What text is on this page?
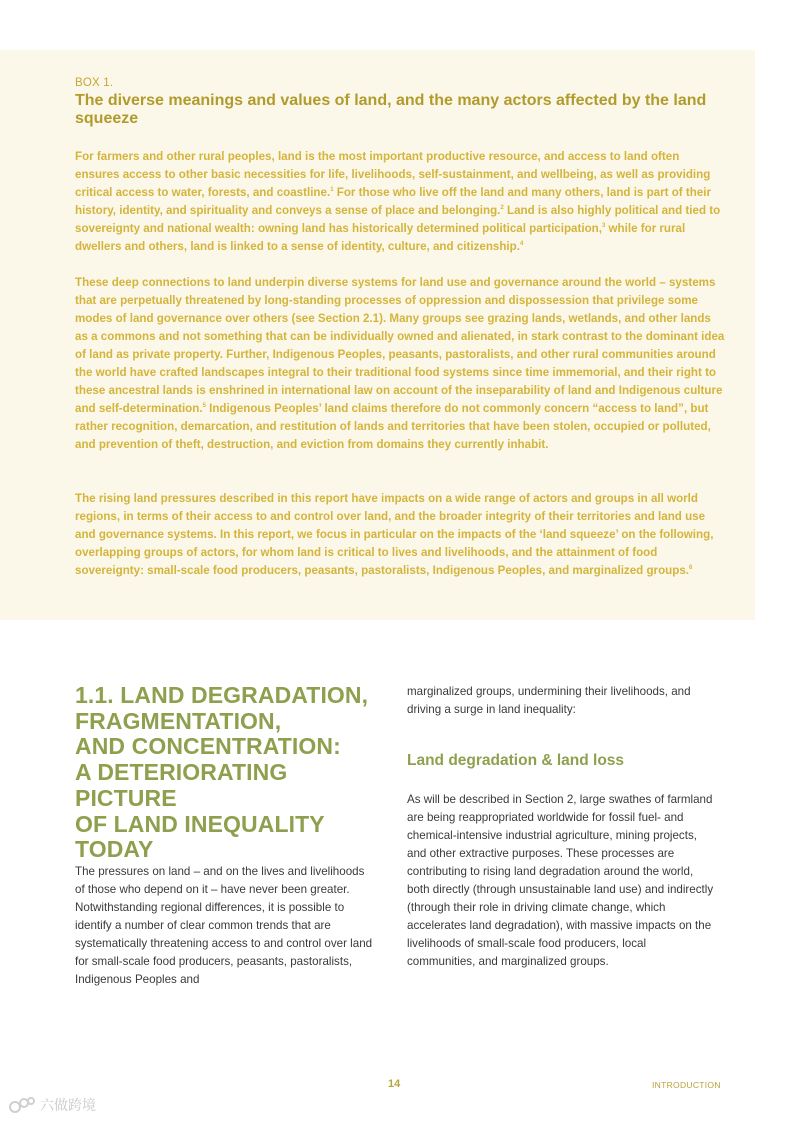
BOX 1.
The diverse meanings and values of land, and the many actors affected by the land squeeze

For farmers and other rural peoples, land is the most important productive resource, and access to land often ensures access to other basic necessities for life, livelihoods, self-sustainment, and wellbeing, as well as providing critical access to water, forests, and coastline.$^1$ For those who live off the land and many others, land is part of their history, identity, and spirituality and conveys a sense of place and belonging.$^2$ Land is also highly political and tied to sovereignty and national wealth: owning land has historically determined political participation,$^3$ while for rural dwellers and others, land is linked to a sense of identity, culture, and citizenship.$^4$

These deep connections to land underpin diverse systems for land use and governance around the world – systems that are perpetually threatened by long-standing processes of oppression and dispossession that privilege some modes of land governance over others (see Section 2.1). Many groups see grazing lands, wetlands, and other lands as a commons and not something that can be individually owned and alienated, in stark contrast to the dominant idea of land as private property. Further, Indigenous Peoples, peasants, pastoralists, and other rural communities around the world have crafted landscapes integral to their traditional food systems since time immemorial, and their right to these ancestral lands is enshrined in international law on account of the inseparability of land and Indigenous culture and self-determination.$^5$ Indigenous Peoples’ land claims therefore do not commonly concern “access to land”, but rather recognition, demarcation, and restitution of lands and territories that have been stolen, occupied or polluted, and prevention of theft, destruction, and eviction from domains they currently inhabit.

The rising land pressures described in this report have impacts on a wide range of actors and groups in all world regions, in terms of their access to and control over land, and the broader integrity of their territories and land use and governance systems. In this report, we focus in particular on the impacts of the ‘land squeeze’ on the following, overlapping groups of actors, for whom land is critical to lives and livelihoods, and the attainment of food sovereignty: small-scale food producers, peasants, pastoralists, Indigenous Peoples, and marginalized groups.$^6$

1.1. LAND DEGRADATION,
FRAGMENTATION,
AND CONCENTRATION:
A DETERIORATING PICTURE
OF LAND INEQUALITY
TODAY

The pressures on land – and on the lives and livelihoods of those who depend on it – have never been greater. Notwithstanding regional differences, it is possible to identify a number of clear common trends that are systematically threatening access to and control over land for small-scale food producers, peasants, pastoralists, Indigenous Peoples and

marginalized groups, undermining their livelihoods, and driving a surge in land inequality:

Land degradation & land loss

As will be described in Section 2, large swathes of farmland are being reappropriated worldwide for fossil fuel- and chemical-intensive industrial agriculture, mining projects, and other extractive purposes. These processes are contributing to rising land degradation around the world, both directly (through unsustainable land use) and indirectly (through their role in driving climate change, which accelerates land degradation), with massive impacts on the livelihoods of small-scale food producers, local communities, and marginalized groups.

14	INTRODUCTION
六做跨境
